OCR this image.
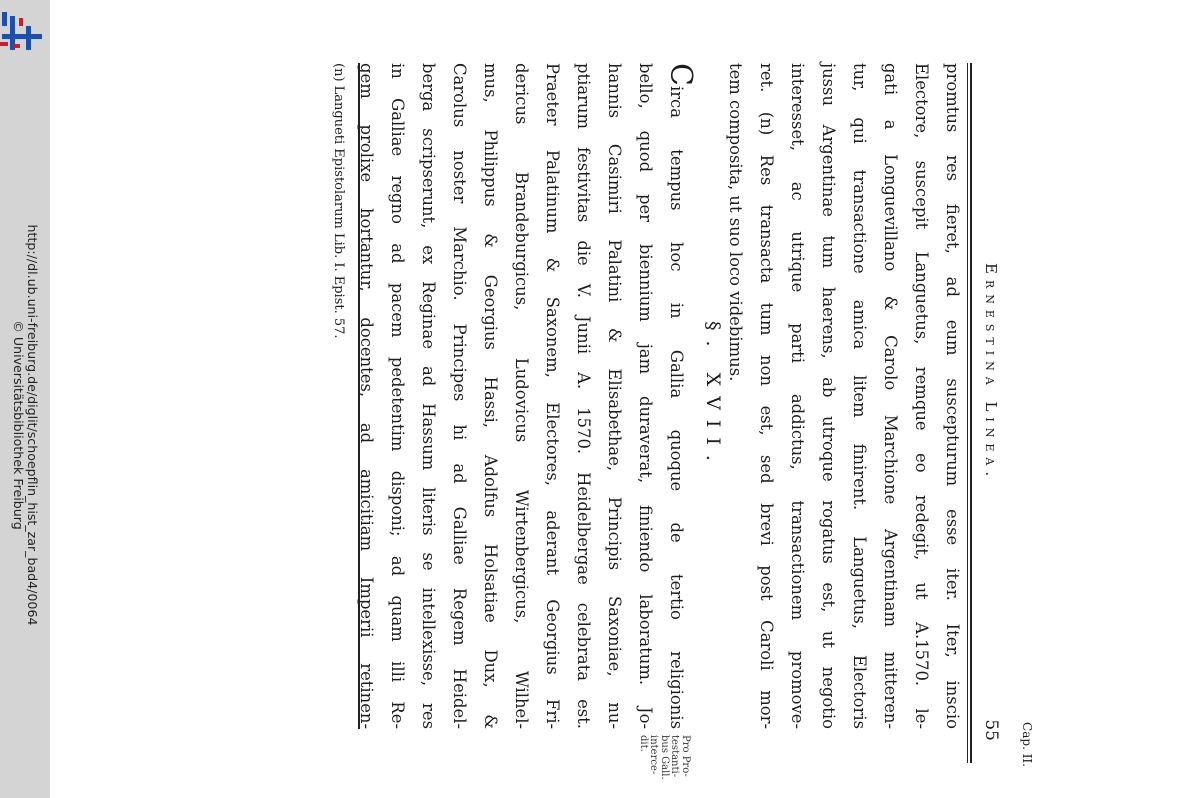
http://dl.ub.uni-freiburg.de/diglit/schoepflin_hist_zar_bad4/0064
© Universitätsbibliothek Freiburg	Ernestina Linea.
55	Cap. II.
promtus res fieret, ad eum suscepturum esse iter. Iter, inscio
Electore, suscepit Languetus, remque eo redegit, ut A.1570. le-
gati a Longuevillano & Carolo Marchione Argentinam mitteren-
tur, qui transactione amica litem finirent. Languetus, Electoris
jussu Argentinae tum haerens, ab utroque rogatus est, ut negotio
interesset, ac utrique parti addictus, transactionem promove-
ret. (n) Res transacta tum non est, sed brevi post Caroli mor-
tem composita, ut suo loco videbimus.
§. XVII.
Circa tempus hoc in Gallia quoque de tertio religionis
bello, quod per biennium jam duraverat, finiendo laboratum. Jo-
hannis Casimiri Palatini & Elisabethae, Principis Saxoniae, nu-
ptiarum festivitas die V. Junii A. 1570. Heidelbergae celebrata est.
Praeter Palatinum & Saxonem, Electores, aderant Georgius Fri-
dericus Brandeburgicus, Ludovicus Wirtenbergicus, Wilhel-
mus, Philippus & Georgius Hassi, Adolfus Holsatiae Dux, &
Carolus noster Marchio. Principes hi ad Galliae Regem Heidel-
berga scripserunt, ex Reginae ad Hassum literis se intellexisse, res
in Galliae regno ad pacem pedetentim disponi; ad quam illi Re-
gem prolixe hortantur, docentes, ad amicitiam Imperii retinen-
Pro Pro-
testanti-
bus Gall.
interce-
dit.
(n) Langueti Epistolarum Lib. I. Epist. 57.
